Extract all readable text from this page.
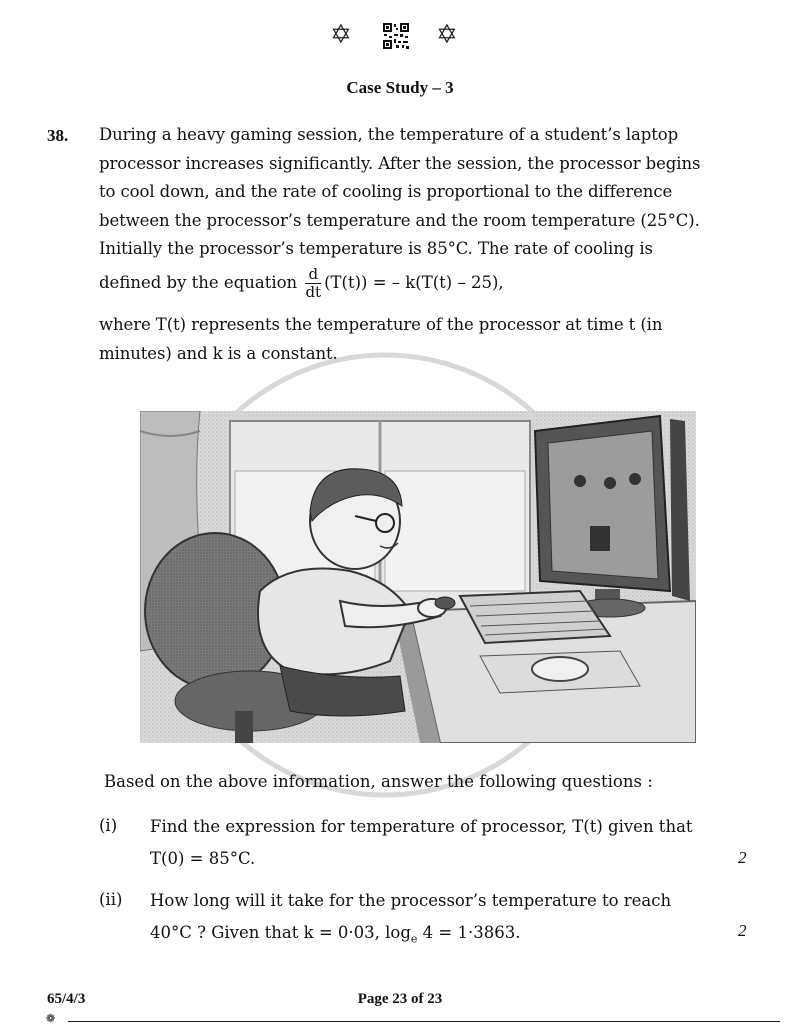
✡	✡
Case Study – 3
38. During a heavy gaming session, the temperature of a student’s laptop
processor increases significantly. After the session, the processor begins
to cool down, and the rate of cooling is proportional to the difference
between the processor’s temperature and the room temperature (25°C).
Initially the processor’s temperature is 85°C. The rate of cooling is
defined by the equation $\frac{d}{dt} (T(t))$ = – k(T(t) – 25),
where T(t) represents the temperature of the processor at time t (in
minutes) and k is a constant.
Based on the above information, answer the following questions :
(i) Find the expression for temperature of processor, T(t) given that
T(0) = 85°C.	2
(ii) How long will it take for the processor’s temperature to reach
40°C ? Given that k = 0·03, $\log_e 4 = 1\cdot 3863$.	2
65/4/3	Page 23 of 23
❁
